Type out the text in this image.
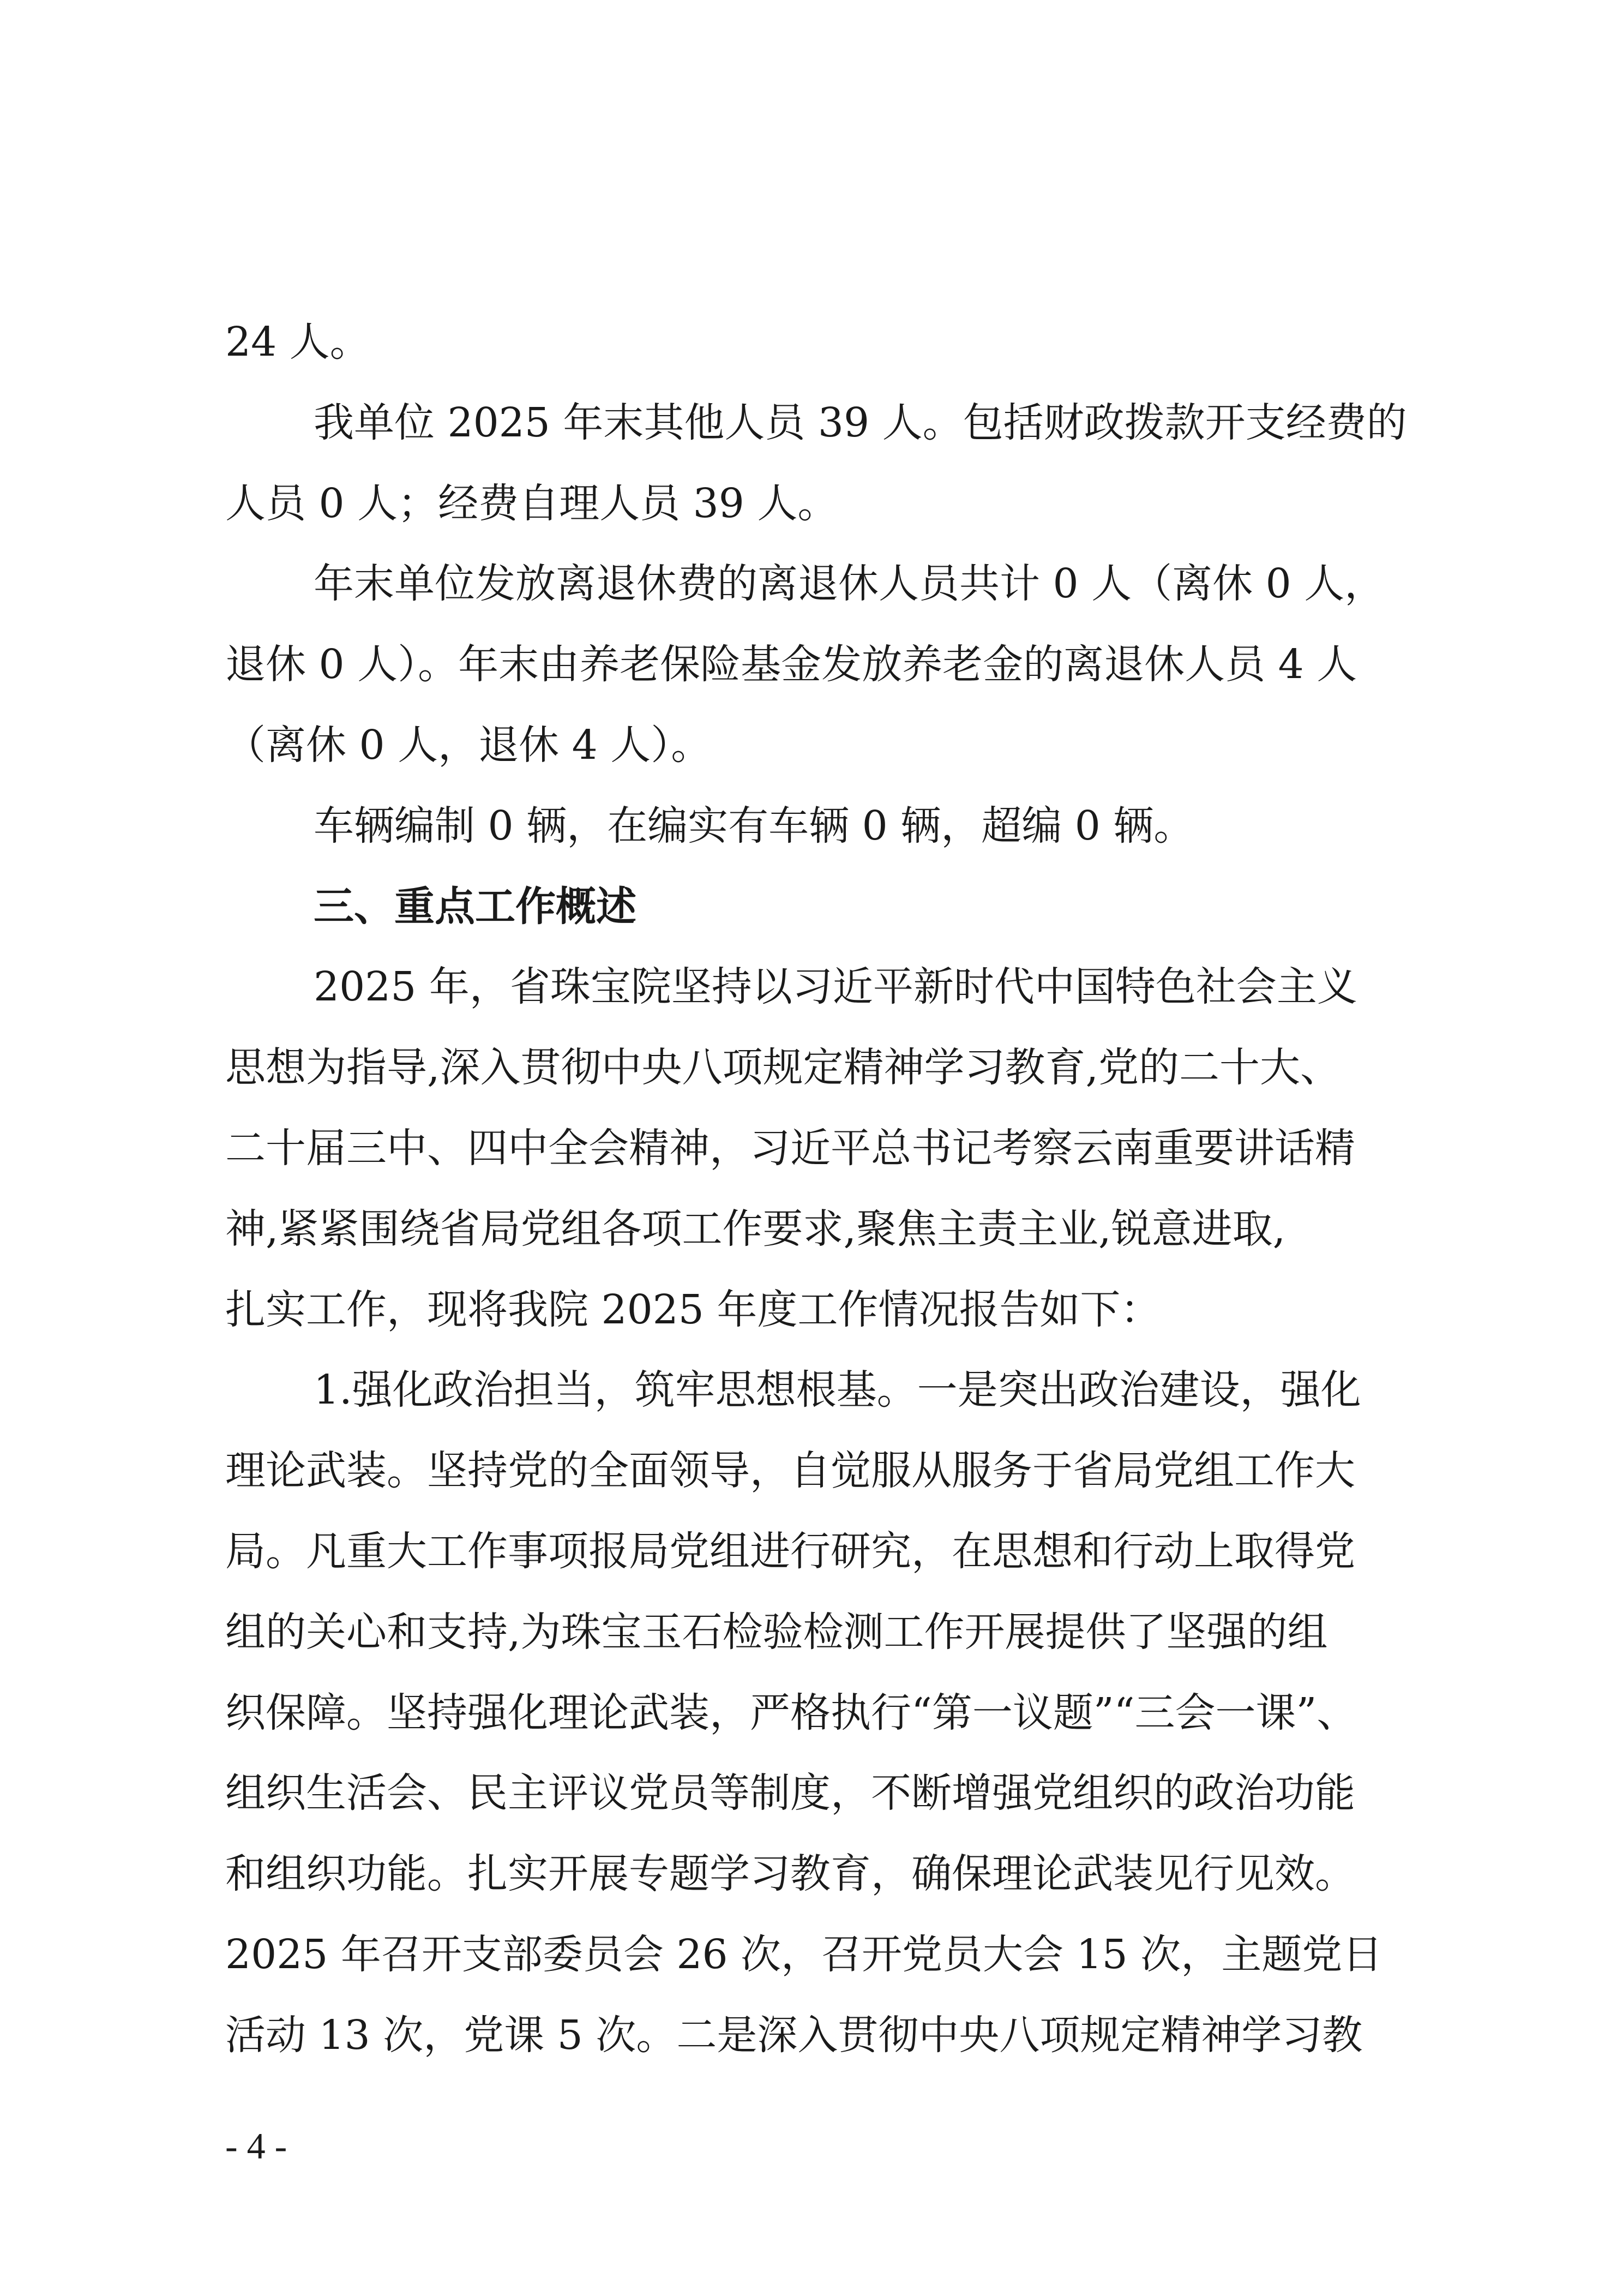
24 人。
我单位 2025 年末其他人员 39 人。包括财政拨款开支经费的
人员 0 人；经费自理人员 39 人。
年末单位发放离退休费的离退休人员共计 0 人（离休 0 人，
退休 0 人）。年末由养老保险基金发放养老金的离退休人员 4 人
（离休 0 人，退休 4 人）。
车辆编制 0 辆，在编实有车辆 0 辆，超编 0 辆。
三、重点工作概述
2025 年，省珠宝院坚持以习近平新时代中国特色社会主义
思想为指导,深入贯彻中央八项规定精神学习教育,党的二十大、
二十届三中、四中全会精神，习近平总书记考察云南重要讲话精
神,紧紧围绕省局党组各项工作要求,聚焦主责主业,锐意进取,
扎实工作，现将我院 2025 年度工作情况报告如下：
1.强化政治担当，筑牢思想根基。一是突出政治建设，强化
理论武装。坚持党的全面领导，自觉服从服务于省局党组工作大
局。凡重大工作事项报局党组进行研究，在思想和行动上取得党
组的关心和支持,为珠宝玉石检验检测工作开展提供了坚强的组
织保障。坚持强化理论武装，严格执行“第一议题”“三会一课”、
组织生活会、民主评议党员等制度，不断增强党组织的政治功能
和组织功能。扎实开展专题学习教育，确保理论武装见行见效。
2025 年召开支部委员会 26 次，召开党员大会 15 次，主题党日
活动 13 次，党课 5 次。二是深入贯彻中央八项规定精神学习教
- 4 -
